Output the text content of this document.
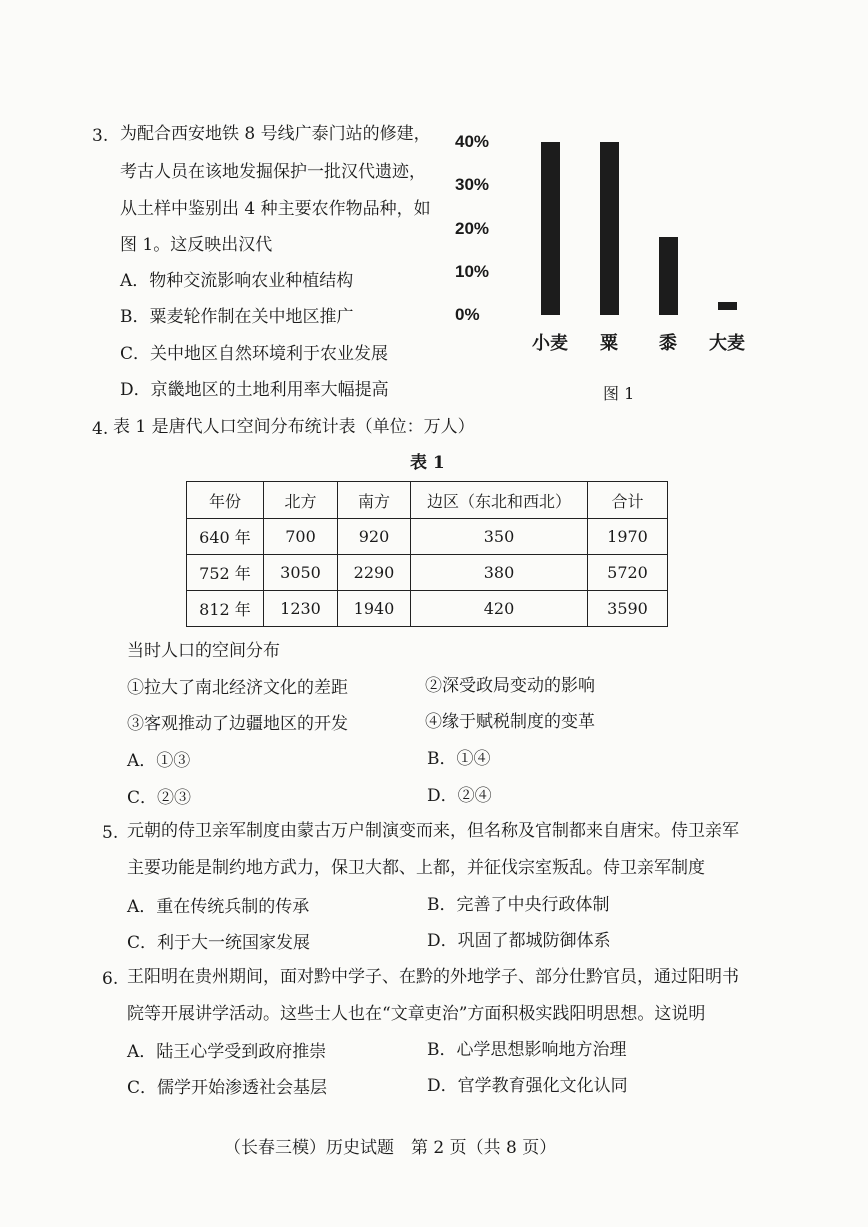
3. 为配合西安地铁 8 号线广泰门站的修建，
考古人员在该地发掘保护一批汉代遗迹，
从土样中鉴别出 4 种主要农作物品种，如
图 1。这反映出汉代
A．物种交流影响农业种植结构
B．粟麦轮作制在关中地区推广
C．关中地区自然环境利于农业发展
D．京畿地区的土地利用率大幅提高
40%
30%
20%
10%
0%
小麦	粟	黍	大麦
图 1
4. 表 1 是唐代人口空间分布统计表（单位：万人）
表 1
年份	北方	南方	边区（东北和西北）	合计
640 年	700	920	350	1970
752 年	3050	2290	380	5720
812 年	1230	1940	420	3590
当时人口的空间分布
①拉大了南北经济文化的差距	②深受政局变动的影响
③客观推动了边疆地区的开发	④缘于赋税制度的变革
A．①③	B．①④
C．②③	D．②④
5. 元朝的侍卫亲军制度由蒙古万户制演变而来，但名称及官制都来自唐宋。侍卫亲军
主要功能是制约地方武力，保卫大都、上都，并征伐宗室叛乱。侍卫亲军制度
A．重在传统兵制的传承	B．完善了中央行政体制
C．利于大一统国家发展	D．巩固了都城防御体系
6. 王阳明在贵州期间，面对黔中学子、在黔的外地学子、部分仕黔官员，通过阳明书
院等开展讲学活动。这些士人也在“文章吏治”方面积极实践阳明思想。这说明
A．陆王心学受到政府推崇	B．心学思想影响地方治理
C．儒学开始渗透社会基层	D．官学教育强化文化认同
（长春三模）历史试题　第 2 页（共 8 页）
